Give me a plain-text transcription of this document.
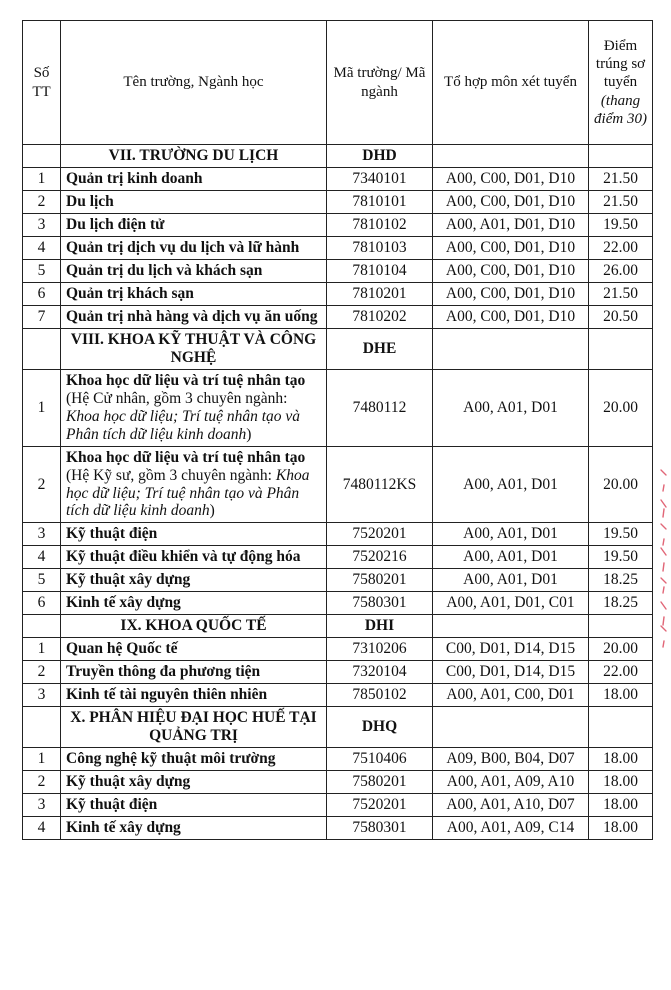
Số TT	Tên trường, Ngành học	Mã trường/ Mã ngành	Tổ hợp môn xét tuyển	Điểm trúng sơ tuyển (thang điểm 30)
	VII. TRƯỜNG DU LỊCH	DHD		
1	Quản trị kinh doanh	7340101	A00, C00, D01, D10	21.50
2	Du lịch	7810101	A00, C00, D01, D10	21.50
3	Du lịch điện tử	7810102	A00, A01, D01, D10	19.50
4	Quản trị dịch vụ du lịch và lữ hành	7810103	A00, C00, D01, D10	22.00
5	Quản trị du lịch và khách sạn	7810104	A00, C00, D01, D10	26.00
6	Quản trị khách sạn	7810201	A00, C00, D01, D10	21.50
7	Quản trị nhà hàng và dịch vụ ăn uống	7810202	A00, C00, D01, D10	20.50
	VIII. KHOA KỸ THUẬT VÀ CÔNG NGHỆ	DHE		
1	Khoa học dữ liệu và trí tuệ nhân tạo (Hệ Cử nhân, gồm 3 chuyên ngành: Khoa học dữ liệu; Trí tuệ nhân tạo và Phân tích dữ liệu kinh doanh)	7480112	A00, A01, D01	20.00
2	Khoa học dữ liệu và trí tuệ nhân tạo (Hệ Kỹ sư, gồm 3 chuyên ngành: Khoa học dữ liệu; Trí tuệ nhân tạo và Phân tích dữ liệu kinh doanh)	7480112KS	A00, A01, D01	20.00
3	Kỹ thuật điện	7520201	A00, A01, D01	19.50
4	Kỹ thuật điều khiển và tự động hóa	7520216	A00, A01, D01	19.50
5	Kỹ thuật xây dựng	7580201	A00, A01, D01	18.25
6	Kinh tế xây dựng	7580301	A00, A01, D01, C01	18.25
	IX. KHOA QUỐC TẾ	DHI		
1	Quan hệ Quốc tế	7310206	C00, D01, D14, D15	20.00
2	Truyền thông đa phương tiện	7320104	C00, D01, D14, D15	22.00
3	Kinh tế tài nguyên thiên nhiên	7850102	A00, A01, C00, D01	18.00
	X. PHÂN HIỆU ĐẠI HỌC HUẾ TẠI QUẢNG TRỊ	DHQ		
1	Công nghệ kỹ thuật môi trường	7510406	A09, B00, B04, D07	18.00
2	Kỹ thuật xây dựng	7580201	A00, A01, A09, A10	18.00
3	Kỹ thuật điện	7520201	A00, A01, A10, D07	18.00
4	Kinh tế xây dựng	7580301	A00, A01, A09, C14	18.00
